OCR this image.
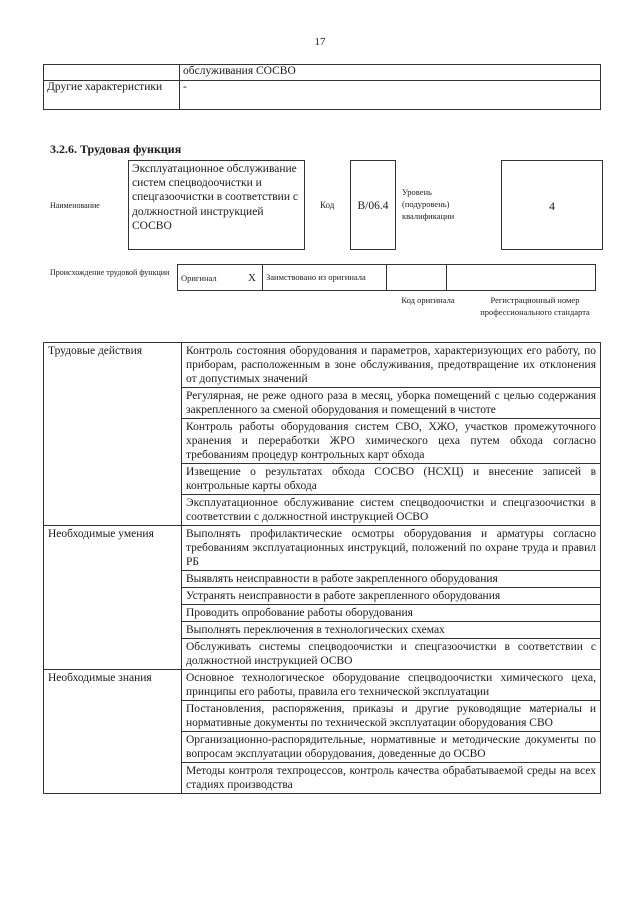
17
	обслуживания СОСВО
Другие характеристики	-
3.2.6. Трудовая функция
Наименование
Эксплуатационное обслуживание систем спецводоочистки и спецгазоочистки в соответствии с должностной инструкцией СОСВО
Код	B/06.4
Уровень (подуровень) квалификации
4
Происхождение трудовой функции	Оригинал	X	Заимствовано из оригинала		
Код оригинала	Регистрационный номер профессионального стандарта
Трудовые действия	Контроль состояния оборудования и параметров, характеризующих его работу, по приборам, расположенным в зоне обслуживания, предотвращение их отклонения от допустимых значений
	Регулярная, не реже одного раза в месяц, уборка помещений с целью содержания закрепленного за сменой оборудования и помещений в чистоте
	Контроль работы оборудования систем СВО, ХЖО, участков промежуточного хранения и переработки ЖРО химического цеха путем обхода согласно требованиям процедур контрольных карт обхода
	Извещение о результатах обхода СОСВО (НСХЦ) и внесение записей в контрольные карты обхода
	Эксплуатационное обслуживание систем спецводоочистки и спецгазоочистки в соответствии с должностной инструкцией ОСВО
Необходимые умения	Выполнять профилактические осмотры оборудования и арматуры согласно требованиям эксплуатационных инструкций, положений по охране труда и правил РБ
	Выявлять неисправности в работе закрепленного оборудования
	Устранять неисправности в работе закрепленного оборудования
	Проводить опробование работы оборудования
	Выполнять переключения в технологических схемах
	Обслуживать системы спецводоочистки и спецгазоочистки в соответствии с должностной инструкцией ОСВО
Необходимые знания	Основное технологическое оборудование спецводоочистки химического цеха, принципы его работы, правила его технической эксплуатации
	Постановления, распоряжения, приказы и другие руководящие материалы и нормативные документы по технической эксплуатации оборудования СВО
	Организационно-распорядительные, нормативные и методические документы по вопросам эксплуатации оборудования, доведенные до ОСВО
	Методы контроля техпроцессов, контроль качества обрабатываемой среды на всех стадиях производства
